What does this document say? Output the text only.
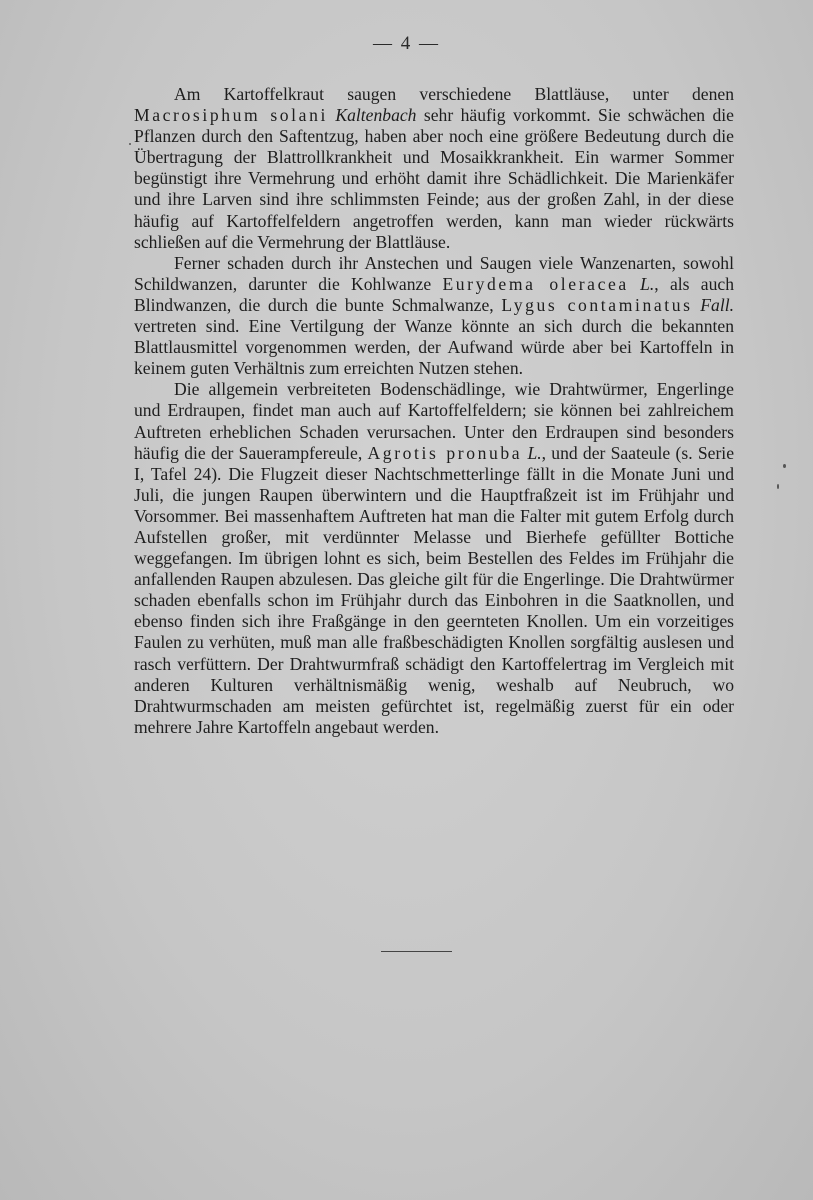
— 4 —

Am Kartoffelkraut saugen verschiedene Blattläuse, unter denen Macrosiphum solani Kaltenbach sehr häufig vorkommt. Sie schwächen die Pflanzen durch den Saftentzug, haben aber noch eine größere Bedeutung durch die Übertragung der Blattrollkrankheit und Mosaikkrankheit. Ein warmer Sommer begünstigt ihre Vermehrung und erhöht damit ihre Schädlichkeit. Die Marienkäfer und ihre Larven sind ihre schlimmsten Feinde; aus der großen Zahl, in der diese häufig auf Kartoffelfeldern angetroffen werden, kann man wieder rückwärts schließen auf die Vermehrung der Blattläuse.

Ferner schaden durch ihr Anstechen und Saugen viele Wanzenarten, sowohl Schildwanzen, darunter die Kohlwanze Eurydema oleracea L., als auch Blindwanzen, die durch die bunte Schmalwanze, Lygus contaminatus Fall. vertreten sind. Eine Vertilgung der Wanze könnte an sich durch die bekannten Blattlausmittel vorgenommen werden, der Aufwand würde aber bei Kartoffeln in keinem guten Verhältnis zum erreichten Nutzen stehen.

Die allgemein verbreiteten Bodenschädlinge, wie Drahtwürmer, Engerlinge und Erdraupen, findet man auch auf Kartoffelfeldern; sie können bei zahlreichem Auftreten erheblichen Schaden verursachen. Unter den Erdraupen sind besonders häufig die der Sauerampfereule, Agrotis pronuba L., und der Saateule (s. Serie I, Tafel 24). Die Flugzeit dieser Nachtschmetterlinge fällt in die Monate Juni und Juli, die jungen Raupen überwintern und die Hauptfraßzeit ist im Frühjahr und Vorsommer. Bei massenhaftem Auftreten hat man die Falter mit gutem Erfolg durch Aufstellen großer, mit verdünnter Melasse und Bierhefe gefüllter Bottiche weggefangen. Im übrigen lohnt es sich, beim Bestellen des Feldes im Frühjahr die anfallenden Raupen abzulesen. Das gleiche gilt für die Engerlinge. Die Drahtwürmer schaden ebenfalls schon im Frühjahr durch das Einbohren in die Saatknollen, und ebenso finden sich ihre Fraßgänge in den geernteten Knollen. Um ein vorzeitiges Faulen zu verhüten, muß man alle fraßbeschädigten Knollen sorgfältig auslesen und rasch verfüttern. Der Drahtwurmfraß schädigt den Kartoffelertrag im Vergleich mit anderen Kulturen verhältnismäßig wenig, weshalb auf Neubruch, wo Drahtwurmschaden am meisten gefürchtet ist, regelmäßig zuerst für ein oder mehrere Jahre Kartoffeln angebaut werden.
